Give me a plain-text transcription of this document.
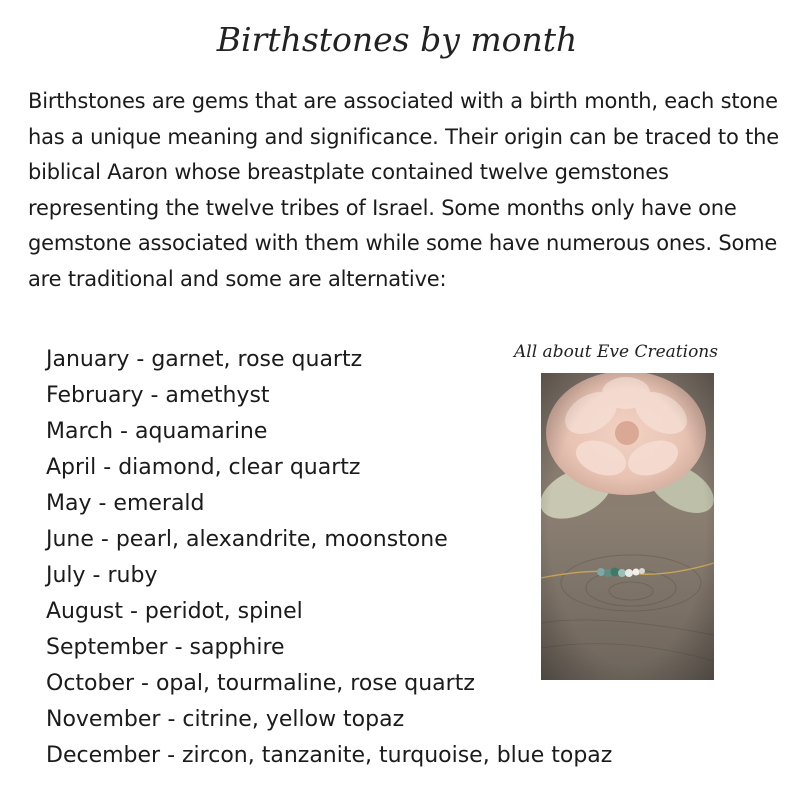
Birthstones by month
Birthstones are gems that are associated with a birth month, each stone has a unique meaning and significance. Their origin can be traced to the biblical Aaron whose breastplate contained twelve gemstones representing the twelve tribes of Israel. Some months only have one gemstone associated with them while some have numerous ones. Some are traditional and some are alternative:
January - garnet, rose quartz
February - amethyst
March - aquamarine
April - diamond, clear quartz
May - emerald
June - pearl, alexandrite, moonstone
July - ruby
August - peridot, spinel
September - sapphire
October - opal, tourmaline, rose quartz
November - citrine, yellow topaz
December - zircon, tanzanite, turquoise, blue topaz
All about Eve Creations
